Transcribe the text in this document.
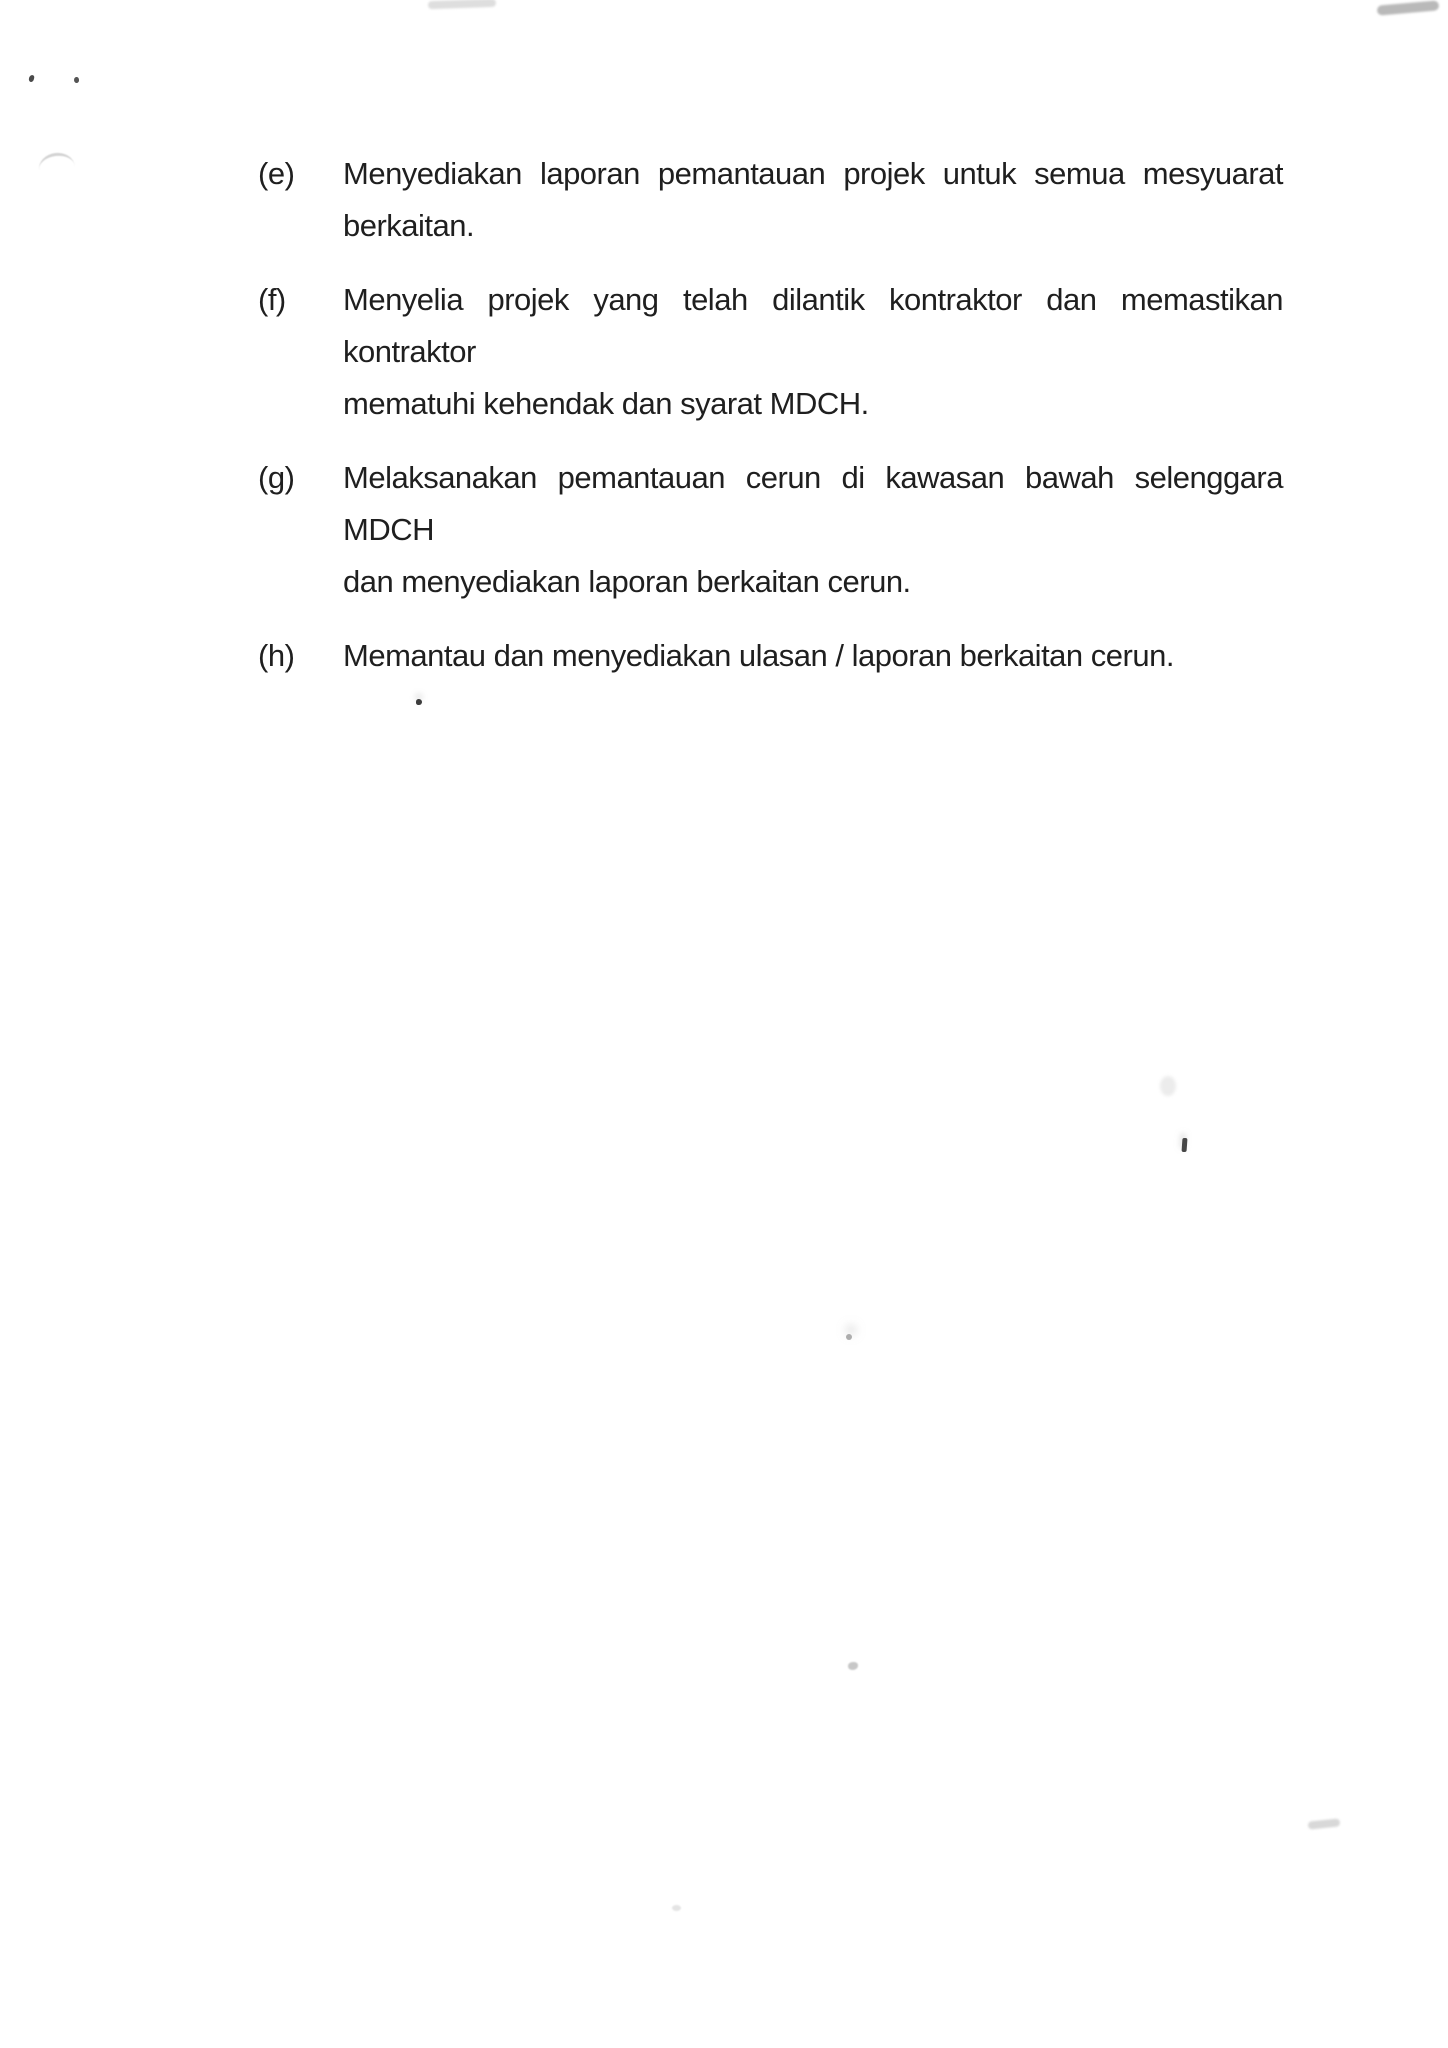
(e)	Menyediakan laporan pemantauan projek untuk semua mesyuarat
berkaitan.
(f)	Menyelia projek yang telah dilantik kontraktor dan memastikan kontraktor
mematuhi kehendak dan syarat MDCH.
(g)	Melaksanakan pemantauan cerun di kawasan bawah selenggara MDCH
dan menyediakan laporan berkaitan cerun.
(h)	Memantau dan menyediakan ulasan / laporan berkaitan cerun.
